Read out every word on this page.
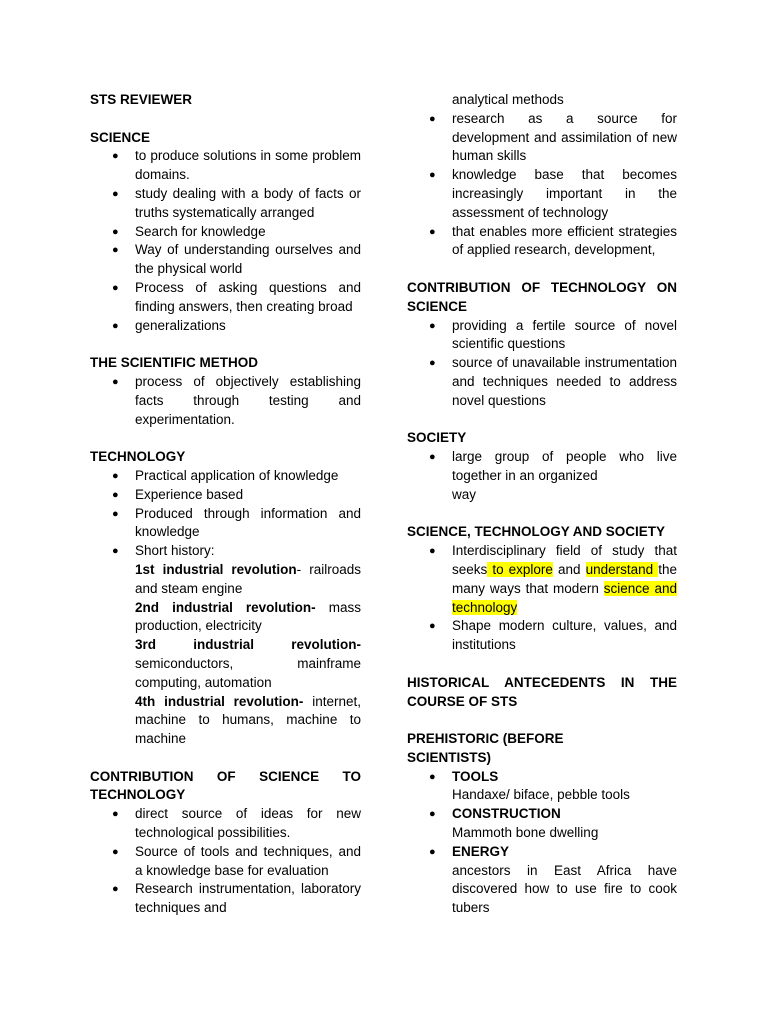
STS REVIEWER
SCIENCE
● to produce solutions in some problem domains.
● study dealing with a body of facts or truths systematically arranged
● Search for knowledge
● Way of understanding ourselves and the physical world
● Process of asking questions and finding answers, then creating broad
● generalizations
THE SCIENTIFIC METHOD
● process of objectively establishing facts through testing and experimentation.
TECHNOLOGY
● Practical application of knowledge
● Experience based
● Produced through information and knowledge
● Short history:
1st industrial revolution- railroads and steam engine
2nd industrial revolution- mass production, electricity
3rd industrial revolution- semiconductors, mainframe computing, automation
4th industrial revolution- internet, machine to humans, machine to machine
CONTRIBUTION OF SCIENCE TO TECHNOLOGY
● direct source of ideas for new technological possibilities.
● Source of tools and techniques, and a knowledge base for evaluation
● Research instrumentation, laboratory techniques and
analytical methods
● research as a source for development and assimilation of new human skills
● knowledge base that becomes increasingly important in the assessment of technology
● that enables more efficient strategies of applied research, development,
CONTRIBUTION OF TECHNOLOGY ON SCIENCE
● providing a fertile source of novel scientific questions
● source of unavailable instrumentation and techniques needed to address novel questions
SOCIETY
● large group of people who live together in an organized
way
SCIENCE, TECHNOLOGY AND SOCIETY
● Interdisciplinary field of study that seeks to explore and understand the many ways that modern science and technology
● Shape modern culture, values, and institutions
HISTORICAL ANTECEDENTS IN THE COURSE OF STS
PREHISTORIC (BEFORE
SCIENTISTS)
● TOOLS
Handaxe/ biface, pebble tools
● CONSTRUCTION
Mammoth bone dwelling
● ENERGY
ancestors in East Africa have discovered how to use fire to cook tubers
